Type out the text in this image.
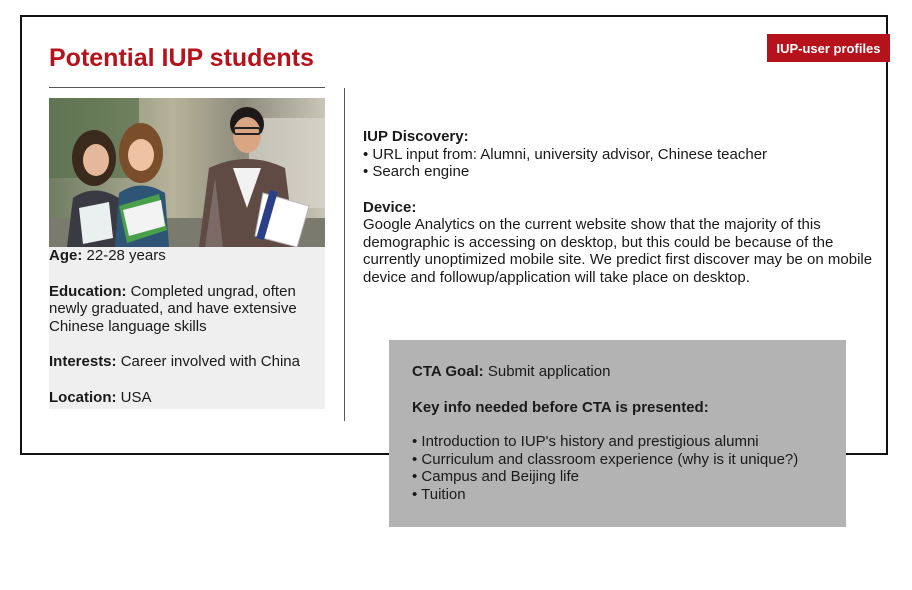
IUP-user profiles
Potential IUP students

Age: 22-28 years

Education: Completed ungrad, often newly graduated, and have extensive Chinese language skills

Interests: Career involved with China

Location: USA

IUP Discovery:
• URL input from: Alumni, university advisor, Chinese teacher
• Search engine
Device:

Google Analytics on the current website show that the majority of this demographic is accessing on desktop, but this could be because of the currently unoptimized mobile site. We predict first discover may be on mobile device and followup/application will take place on desktop.

CTA Goal: Submit application

Key info needed before CTA is presented:

• Introduction to IUP's history and prestigious alumni
• Curriculum and classroom experience (why is it unique?)
• Campus and Beijing life
• Tuition
